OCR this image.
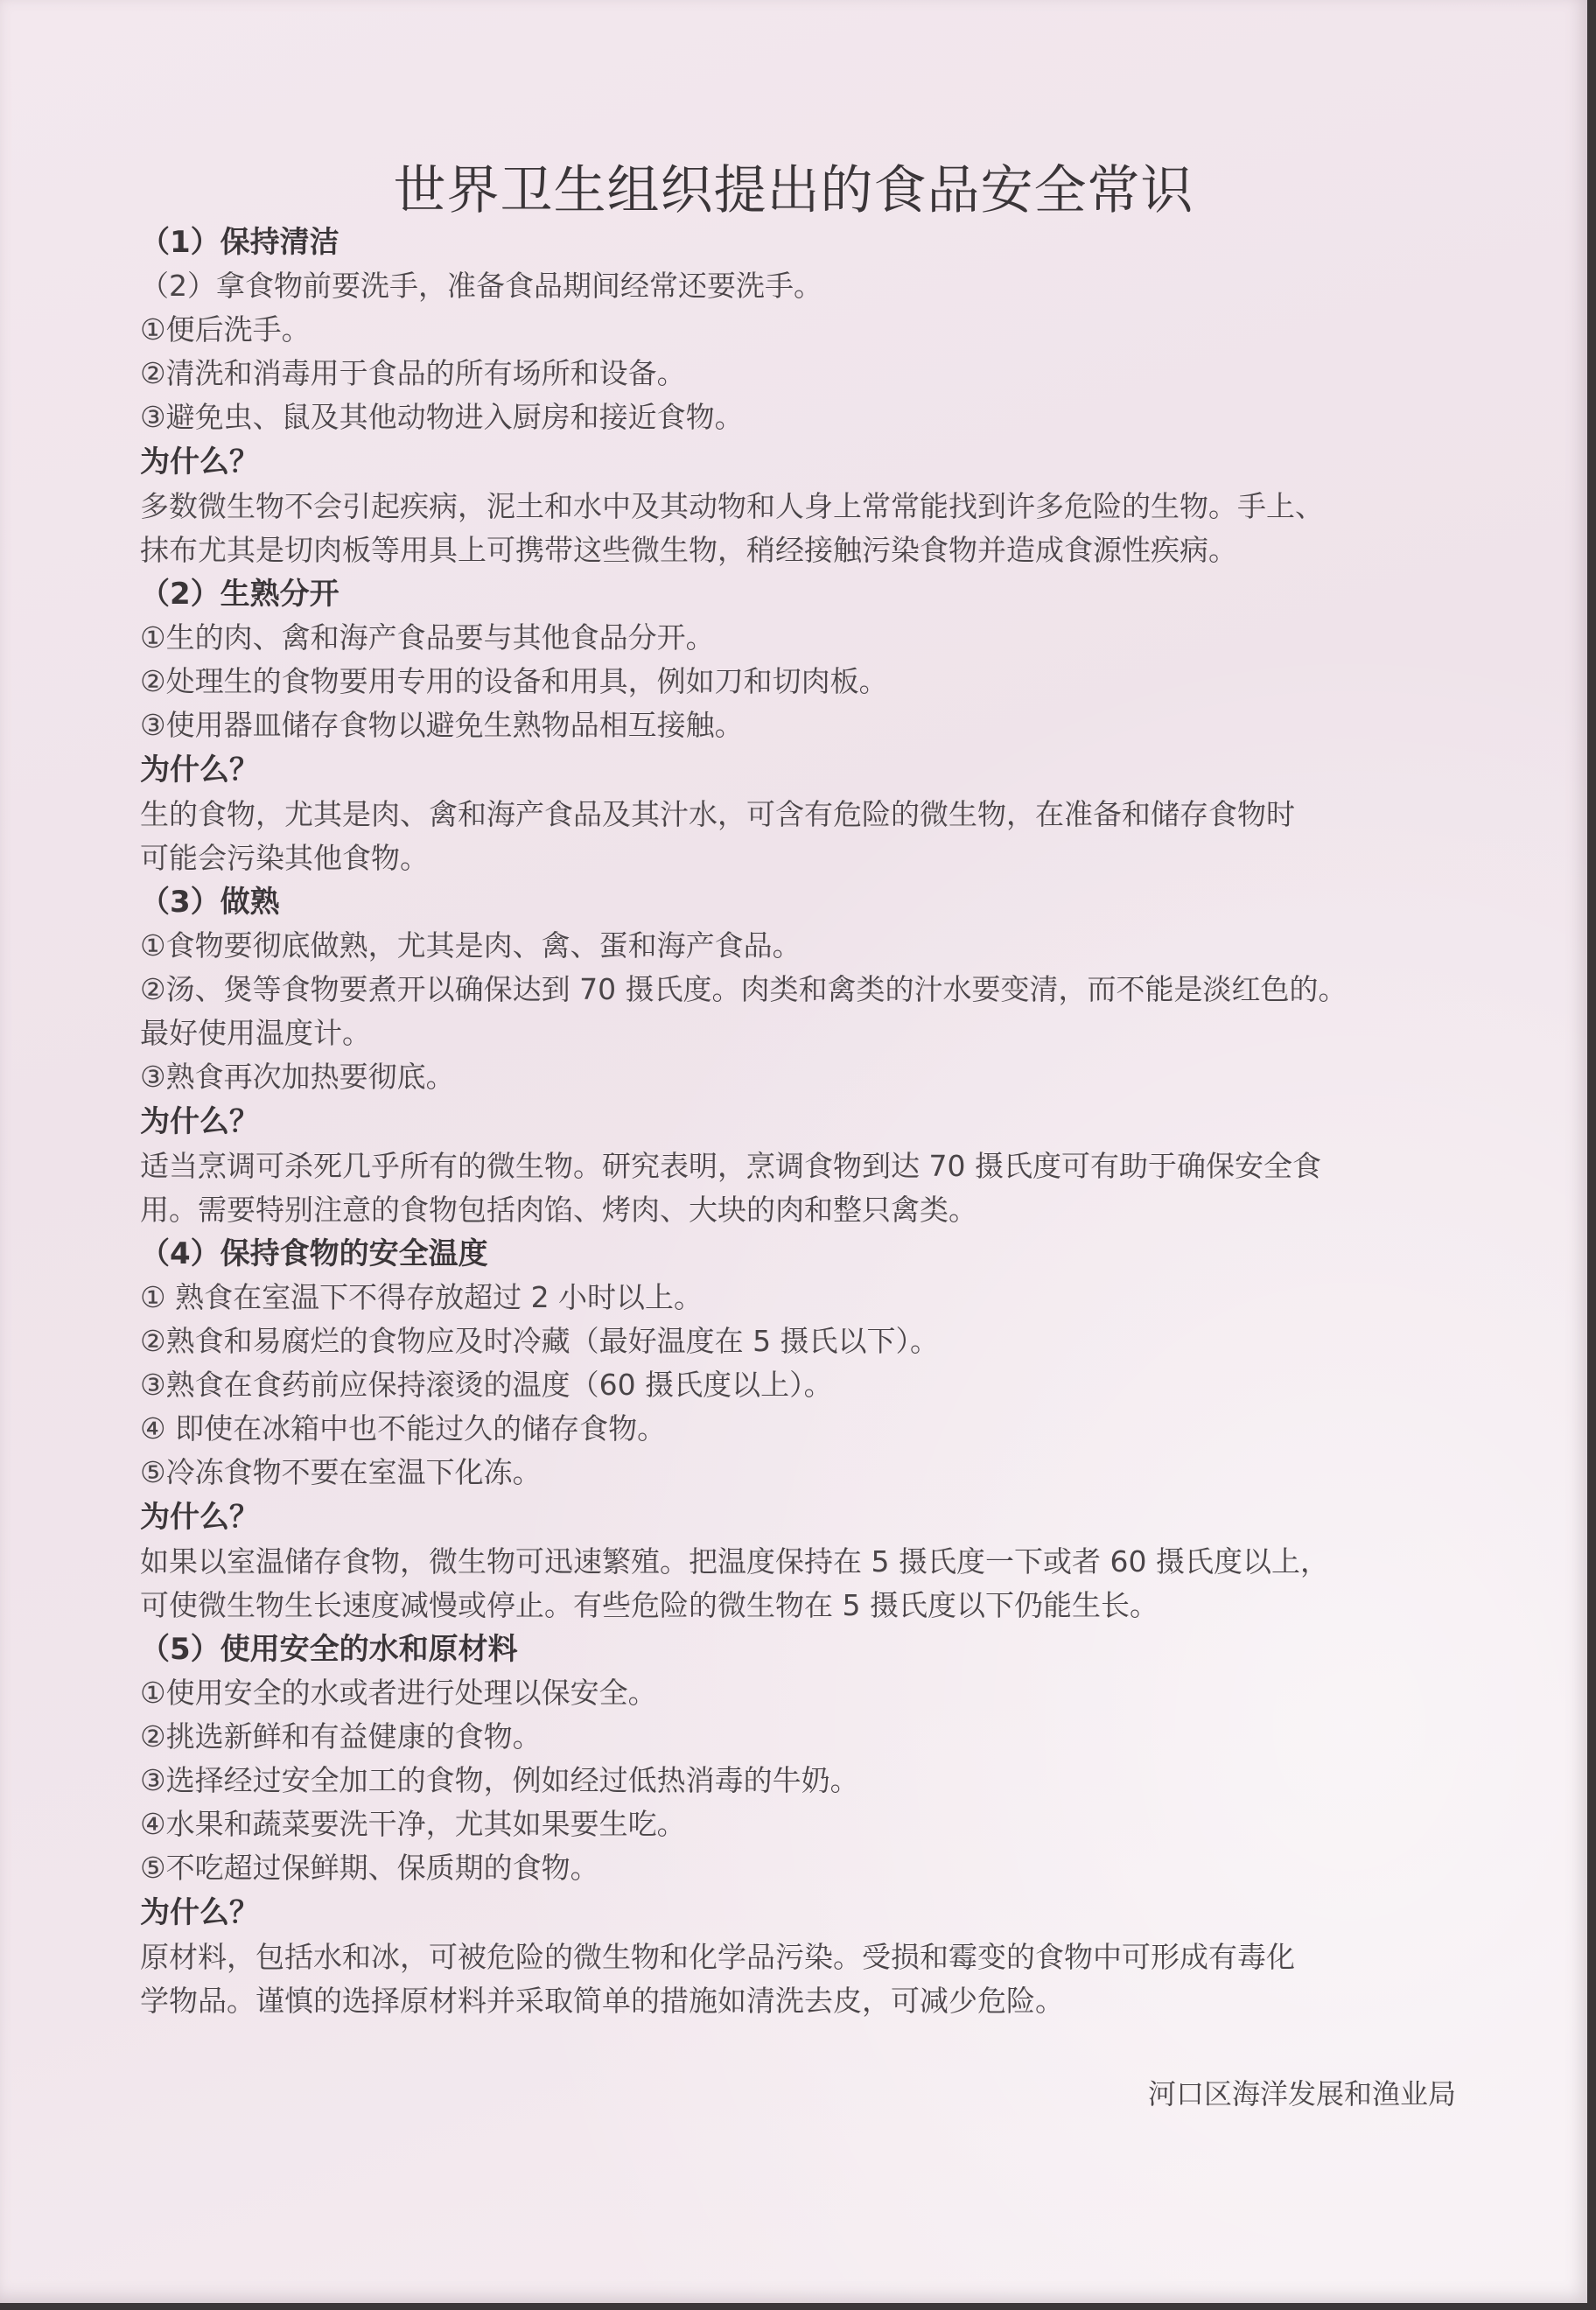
世界卫生组织提出的食品安全常识
（1）保持清洁
（2）拿食物前要洗手，准备食品期间经常还要洗手。
①便后洗手。
②清洗和消毒用于食品的所有场所和设备。
③避免虫、鼠及其他动物进入厨房和接近食物。
为什么？
多数微生物不会引起疾病，泥土和水中及其动物和人身上常常能找到许多危险的生物。手上、
抹布尤其是切肉板等用具上可携带这些微生物，稍经接触污染食物并造成食源性疾病。
（2）生熟分开
①生的肉、禽和海产食品要与其他食品分开。
②处理生的食物要用专用的设备和用具，例如刀和切肉板。
③使用器皿储存食物以避免生熟物品相互接触。
为什么？
生的食物，尤其是肉、禽和海产食品及其汁水，可含有危险的微生物，在准备和储存食物时
可能会污染其他食物。
（3）做熟
①食物要彻底做熟，尤其是肉、禽、蛋和海产食品。
②汤、煲等食物要煮开以确保达到 70 摄氏度。肉类和禽类的汁水要变清，而不能是淡红色的。
最好使用温度计。
③熟食再次加热要彻底。
为什么？
适当烹调可杀死几乎所有的微生物。研究表明，烹调食物到达 70 摄氏度可有助于确保安全食
用。需要特别注意的食物包括肉馅、烤肉、大块的肉和整只禽类。
（4）保持食物的安全温度
① 熟食在室温下不得存放超过 2 小时以上。
②熟食和易腐烂的食物应及时冷藏（最好温度在 5 摄氏以下）。
③熟食在食药前应保持滚烫的温度（60 摄氏度以上）。
④ 即使在冰箱中也不能过久的储存食物。
⑤冷冻食物不要在室温下化冻。
为什么？
如果以室温储存食物，微生物可迅速繁殖。把温度保持在 5 摄氏度一下或者 60 摄氏度以上，
可使微生物生长速度减慢或停止。有些危险的微生物在 5 摄氏度以下仍能生长。
（5）使用安全的水和原材料
①使用安全的水或者进行处理以保安全。
②挑选新鲜和有益健康的食物。
③选择经过安全加工的食物，例如经过低热消毒的牛奶。
④水果和蔬菜要洗干净，尤其如果要生吃。
⑤不吃超过保鲜期、保质期的食物。
为什么？
原材料，包括水和冰，可被危险的微生物和化学品污染。受损和霉变的食物中可形成有毒化
学物品。谨慎的选择原材料并采取简单的措施如清洗去皮，可减少危险。
河口区海洋发展和渔业局
